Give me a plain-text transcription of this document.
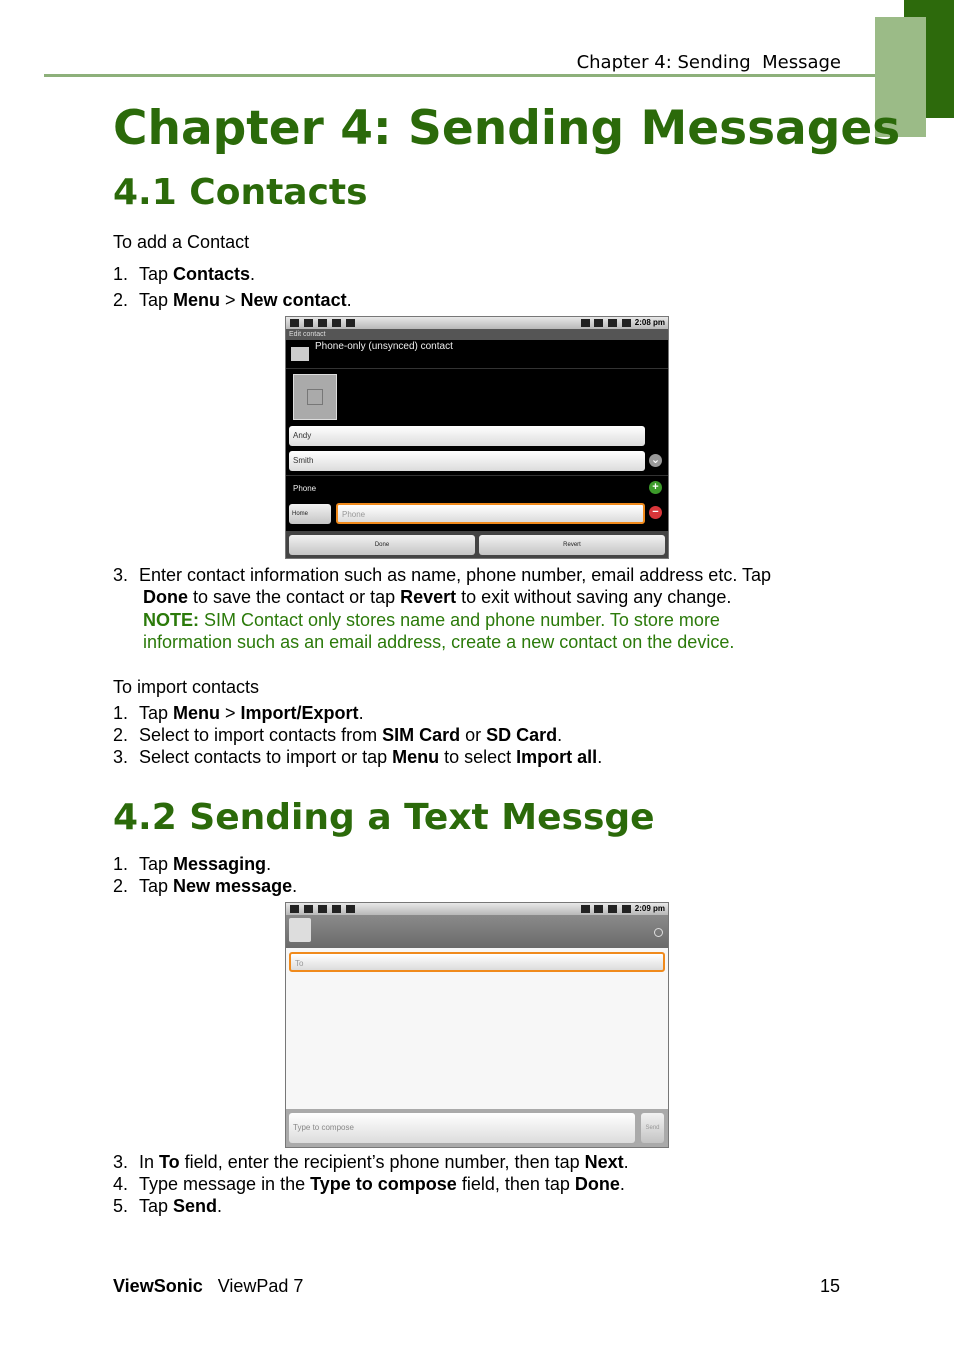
Chapter 4: Sending  Message
Chapter 4: Sending Messages
4.1 Contacts
To add a Contact
1. Tap Contacts.
2. Tap Menu > New contact.
2:08 pm
Edit contact
Phone-only (unsynced) contact
Andy
Smith	⌄
Phone	+
Home	Phone	−
Done	Revert
3. Enter contact information such as name, phone number, email address etc. Tap
Done to save the contact or tap Revert to exit without saving any change.
NOTE: SIM Contact only stores name and phone number. To store more
information such as an email address, create a new contact on the device.
To import contacts
1. Tap Menu > Import/Export.
2. Select to import contacts from SIM Card or SD Card.
3. Select contacts to import or tap Menu to select Import all.
4.2 Sending a Text Messge
1. Tap Messaging.
2. Tap New message.
2:09 pm
To
Type to compose	Send
3. In To field, enter the recipient’s phone number, then tap Next.
4. Type message in the Type to compose field, then tap Done.
5. Tap Send.
ViewSonic ViewPad 7	15
